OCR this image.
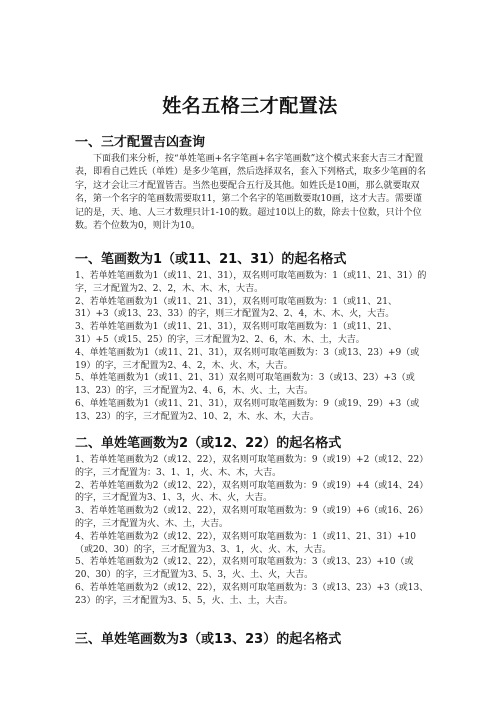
姓名五格三才配置法
一、三才配置吉凶查询
下面我们来分析，按“单姓笔画+名字笔画+名字笔画数”这个模式来套大吉三才配置表，即看自己姓氏（单姓）是多少笔画，然后选择双名，套入下列格式，取多少笔画的名字，这才会让三才配置皆吉。当然也要配合五行及其他。如姓氏是10画，那么就要取双名，第一个名字的笔画数需要取11，第二个名字的笔画数要取10画，这才大吉。需要谨记的是，天、地、人三才数理只计1-10的数。超过10以上的数，除去十位数，只计个位数。若个位数为0，则计为10。
一、笔画数为1（或11、21、31）的起名格式

1、若单姓笔画数为1（或11、21、31），双名则可取笔画数为：1（或11、21、31）的字，三才配置为2、2、2，木、木、木，大吉。

2、若单姓笔画数为1（或11、21、31），双名则可取笔画数为：1（或11、21、31）+3（或13、23、33）的字，则三才配置为2、2、4，木、木、火，大吉。

3、若单姓笔画数为1（或11、21、31），双名则可取笔画数为：1（或11、21、31）+5（或15、25）的字，三才配置为2、2、6，木、木、土，大吉。

4、单姓笔画数为1（或11、21、31），双名则可取笔画数为：3（或13、23）+9（或19）的字，三才配置为2、4、2，木、火、木，大吉。

5、单姓笔画数为1（或11、21、31）双名则可取笔画数为：3（或13、23）+3（或13、23）的字，三才配置为2、4、6，木、火、土，大吉。

6、单姓笔画数为1（或11、21、31），双名则可取笔画数为：9（或19、29）+3（或13、23）的字，三才配置为2、10、2，木、水、木，大吉。

二、单姓笔画数为2（或12、22）的起名格式

1、若单姓笔画数为2（或12、22），双名则可取笔画数为：9（或19）+2（或12、22）的字，三才配置为：3、1、1，火、木、木，大吉。

2、若单姓笔画数为2（或12、22），双名则可取笔画数为：9（或19）+4（或14、24）的字，三才配置为3、1、3，火、木、火，大吉。

3、若单姓笔画数为2（或12、22），双名则可取笔画数为：9（或19）+6（或16、26）的字，三才配置为火、木、土，大吉。

4、若单姓笔画数为2（或12、22），双名则可取笔画数为：1（或11、21、31）+10（或20、30）的字，三才配置为3、3、1，火、火、木，大吉。

5、若单姓笔画数为2（或12、22），双名则可取笔画数为：3（或13、23）+10（或20、30）的字，三才配置为3、5、3，火、土、火，大吉。

6、若单姓笔画数为2（或12、22），双名则可取笔画数为：3（或13、23）+3（或13、23）的字，三才配置为3、5、5，火、土、土，大吉。

三、单姓笔画数为3（或13、23）的起名格式
